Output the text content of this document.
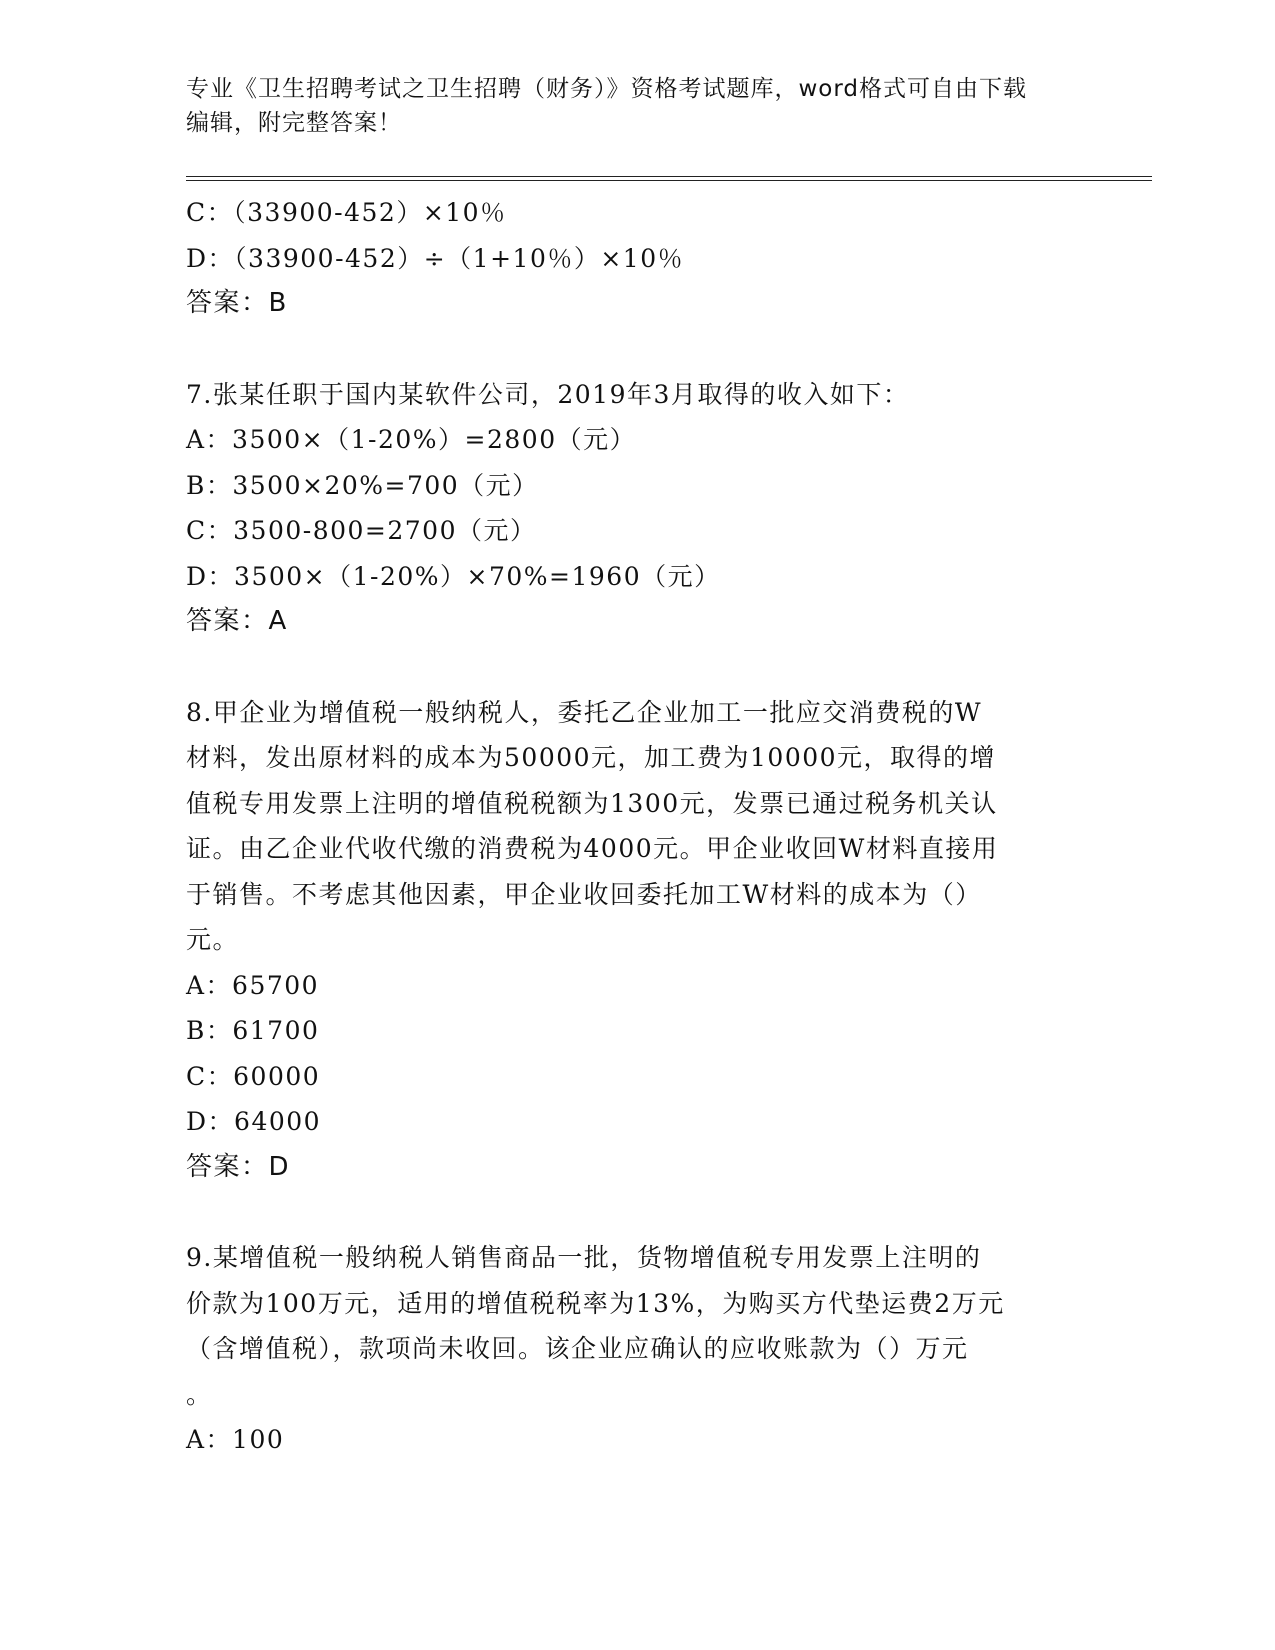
专业《卫生招聘考试之卫生招聘（财务）》资格考试题库，word格式可自由下载
编辑，附完整答案！
C：（33900-452）×10％
D：（33900-452）÷（1+10％）×10％
答案：B
7.张某任职于国内某软件公司，2019年3月取得的收入如下：
A：3500×（1-20%）=2800（元）
B：3500×20%=700（元）
C：3500-800=2700（元）
D：3500×（1-20%）×70%=1960（元）
答案：A
8.甲企业为增值税一般纳税人，委托乙企业加工一批应交消费税的W
材料，发出原材料的成本为50000元，加工费为10000元，取得的增
值税专用发票上注明的增值税税额为1300元，发票已通过税务机关认
证。由乙企业代收代缴的消费税为4000元。甲企业收回W材料直接用
于销售。不考虑其他因素，甲企业收回委托加工W材料的成本为（）
元。
A：65700
B：61700
C：60000
D：64000
答案：D
9.某增值税一般纳税人销售商品一批，货物增值税专用发票上注明的
价款为100万元，适用的增值税税率为13%，为购买方代垫运费2万元
（含增值税），款项尚未收回。该企业应确认的应收账款为（）万元
。
A：100
